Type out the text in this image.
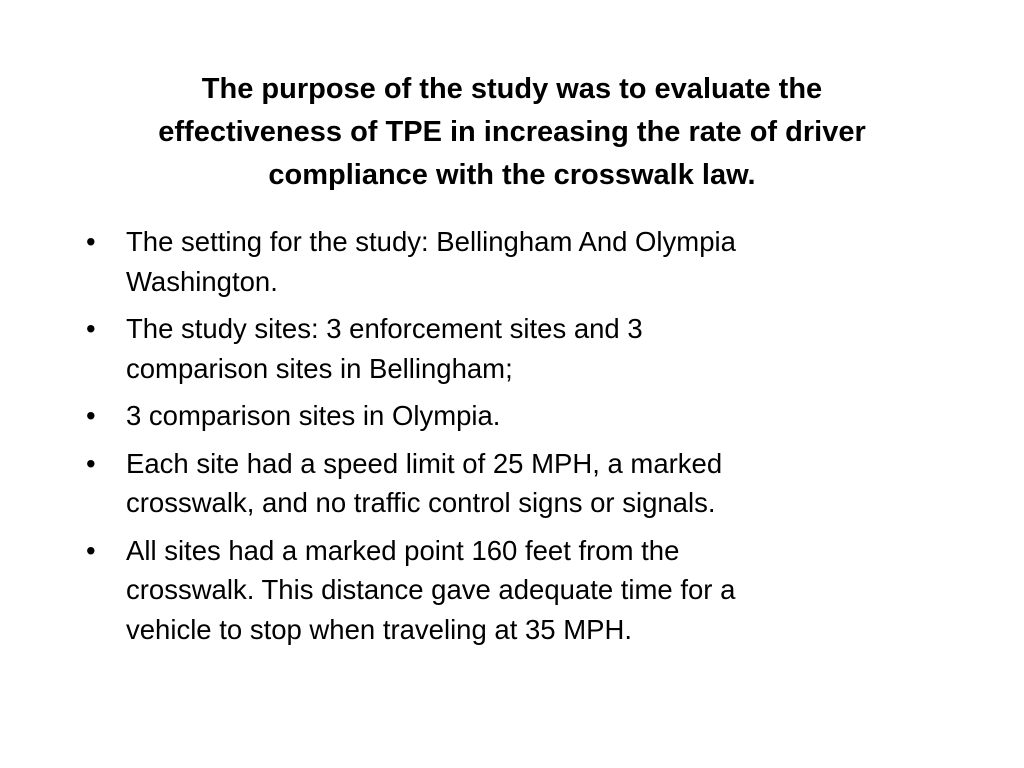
The purpose of the study was to evaluate the
effectiveness of TPE in increasing the rate of driver
compliance with the crosswalk law.
• The setting for the study: Bellingham And Olympia
Washington.
• The study sites: 3 enforcement sites and 3
comparison sites in Bellingham;
• 3 comparison sites in Olympia.
• Each site had a speed limit of 25 MPH, a marked
crosswalk, and no traffic control signs or signals.
• All sites had a marked point 160 feet from the
crosswalk. This distance gave adequate time for a
vehicle to stop when traveling at 35 MPH.
